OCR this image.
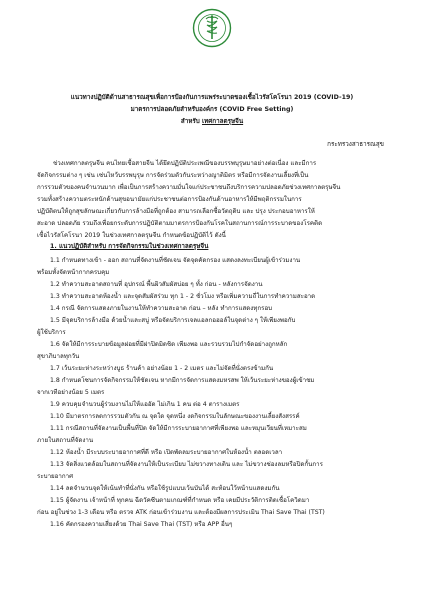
แนวทางปฏิบัติด้านสาธารณสุขเพื่อการป้องกันการแพร่ระบาดของเชื้อไวรัสโคโรนา 2019 (COVID-19)
มาตรการปลอดภัยสำหรับองค์กร (COVID Free Setting)
สำหรับ เทศกาลตรุษจีน
กระทรวงสาธารณสุข
ช่วงเทศกาลตรุษจีน คนไทยเชื้อสายจีน ได้ยึดปฏิบัติประเพณีของบรรพบุรุษมาอย่างต่อเนื่อง และมีการ
จัดกิจกรรมต่าง ๆ เช่น เซ่นไหว้บรรพบุรุษ การจัดร่วมตัวกันระหว่างญาติมิตร หรือมีการจัดงานเลี้ยงที่เป็น
การรวมตัวของคนจำนวนมาก เพื่อเป็นการสร้างความมั่นใจแก่ประชาชนถึงบริการความปลอดภัยช่วงเทศกาลตรุษจีน
รวมทั้งสร้างความตระหนักด้านสุขอนามัยแก่ประชาชนต่อการป้องกันด้านอาหารให้มีพฤติกรรมในการ
ปฏิบัติตนให้ถูกสุขลักษณะเกี่ยวกับการล้างมือที่ถูกต้อง สามารถเลือกซื้อวัตถุดิบ และ ปรุง ประกอบอาหารให้
สะอาด ปลอดภัย รวมถึงเพื่อยกระดับการปฏิบัติตามมาตรการป้องกันโรคในสถานการณ์การระบาดของโรคติด
เชื้อไวรัสโคโรนา 2019 ในช่วงเทศกาลตรุษจีน กำหนดข้อปฏิบัติไว้ ดังนี้
1. แนวปฏิบัติสำหรับ การจัดกิจกรรมในช่วงเทศกาลตรุษจีน
1.1 กำหนดทางเข้า - ออก สถานที่จัดงานที่ชัดเจน จัดจุดคัดกรอง แสดงลงทะเบียนผู้เข้าร่วมงาน
พร้อมทั้งจัดหน้ากากครบคุม
1.2 ทำความสะอาดสถานที่ อุปกรณ์ พื้นผิวสัมผัสบ่อย ๆ ทั้ง ก่อน - หลังการจัดงาน
1.3 ทำความสะอาดห้องน้ำ และจุดสัมผัสร่วม ทุก 1 - 2 ชั่วโมง หรือเพิ่มความถี่ในการทำความสะอาด
1.4 กรณี จัดการแสดงภายในงานให้ทำความสะอาด ก่อน – หลัง ทำการแสดงทุกรอบ
1.5 มีจุดบริการล้างมือ ด้วยน้ำและสบู่ หรือจัดบริการเจลแอลกอฮอล์ในจุดต่าง ๆ ให้เพียงพอกับ
ผู้ใช้บริการ
1.6 จัดให้มีการระบายข้อมูลฝอยที่มีฝาปิดมิดชิด เพียงพอ และรวบรวมไปกำจัดอย่างถูกหลัก
สุขาภิบาลทุกวัน
1.7 เว้นระยะห่างระหว่างบูธ ร้านค้า อย่างน้อย 1 - 2 เมตร และไม่จัดที่นั่งตรงข้ามกัน
1.8 กำหนดโซนการจัดกิจกรรมให้ชัดเจน หากมีการจัดการแสดงมหรสพ ให้เว้นระยะห่างของผู้เข้าชม
จากเวทีอย่างน้อย 5 เมตร
1.9 ควบคุมจำนวนผู้ร่วมงานไม่ให้แออัด ไม่เกิน 1 คน ต่อ 4 ตารางเมตร
1.10 มีมาตรการลดการรวมตัวกัน ณ จุดใด จุดหนึ่ง งดกิจกรรมในลักษณะของงานเลี้ยงสังสรรค์
1.11 กรณีสถานที่จัดงานเป็นพื้นที่ปิด จัดให้มีการระบายอากาศที่เพียงพอ และหมุนเวียนที่เหมาะสม
ภายในสถานที่จัดงาน
1.12 ห้องน้ำ มีระบบระบายอากาศที่ดี หรือ เปิดพัดลมระบายอากาศในห้องน้ำ ตลอดเวลา
1.13 จัดสิ่งแวดล้อมในสถานที่จัดงานให้เป็นระเบียบ ไม่ขวางทางเดิน และ ไม่ขวางช่องลมหรือปิดกั้นการ
ระบายอากาศ
1.14 ลดจำนวนจุดให้เน้นทำที่นั่งกัน หรือใช้รูปแบบเว้นบันได้ สะท้อนใว้หน้าบแสดงมกัน
1.15 ผู้จัดงาน เจ้าหน้าที่ ทุกคน ฉีดวัคซีนตามเกณฑ์ที่กำหนด หรือ เคยมีประวัติการติดเชื้อโควิดมา
ก่อน อยู่ในช่วง 1-3 เดือน หรือ ตรวจ ATK ก่อนเข้าร่วมงาน และต้องมีผลการประเมิน Thai Save Thai (TST)
1.16 คัดกรองความเสี่ยงด้วย Thai Save Thai (TST) หรือ APP อื่นๆ
